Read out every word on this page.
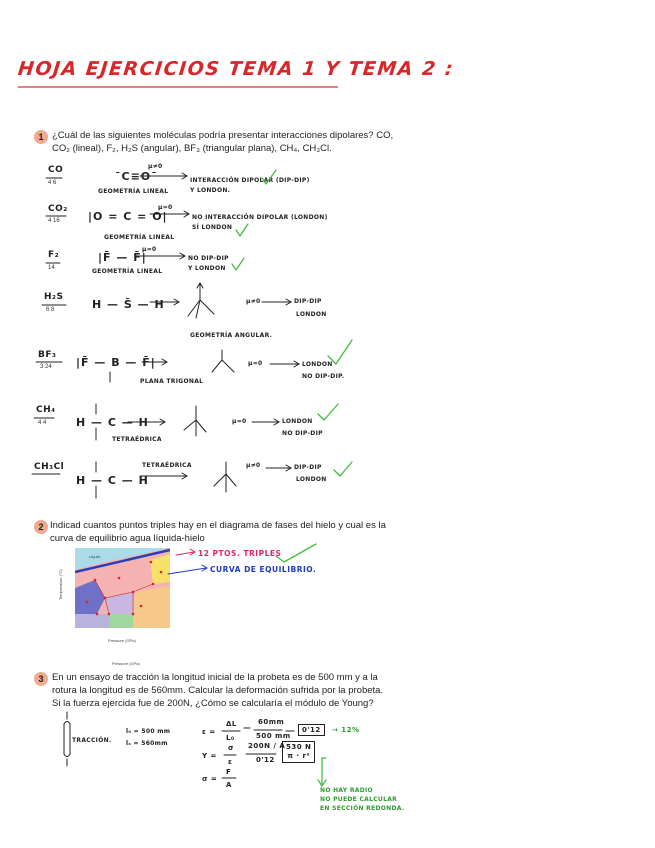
HOJA EJERCICIOS TEMA 1 Y TEMA 2 :
1 ¿Cuál de las siguientes moléculas podría presentar interacciones dipolares? CO,
CO₂ (lineal), F₂, H₂S (angular), BF₃ (triangular plana), CH₄, CH₃Cl.
CO
4 6	¯C≡O¯
GEOMETRÍA LINEAL
µ≠0
INTERACCIÓN DIPOLAR (DIP-DIP)
Y LONDON.
CO₂
4 16	|O = C = O|
GEOMETRÍA LINEAL
µ=0
NO INTERACCIÓN DIPOLAR (LONDON)
SÍ LONDON
F₂
14
|F̄ — F̄|
GEOMETRÍA LINEAL
µ=0
NO DIP-DIP
Y LONDON
H₂S
6 8	H — S̄ — H
GEOMETRÍA ANGULAR.
µ≠0	DIP-DIP
LONDON
BF₃
3 24 |F̄ — B — F̄|
PLANA TRIGONAL
µ=0	LONDON
NO DIP-DIP.
CH₄
4 4	H — C — H
TETRAÉDRICA
µ=0	LONDON
NO DIP-DIP
CH₃Cl
H — C — H
TETRAÉDRICA	µ≠0	DIP-DIP
LONDON
2 Indicad cuantos puntos triples hay en el diagrama de fases del hielo y cual es la
curva de equilibrio agua líquida-hielo
12 PTOS. TRIPLES
CURVA DE EQUILIBRIO.
Liquid
Temperature (°C)
Pressure (GPa)
Pressure (GPa)
3 En un ensayo de tracción la longitud inicial de la probeta es de 500 mm y a la
rotura la longitud es de 560mm. Calcular la deformación sufrida por la probeta.
Si la fuerza ejercida fue de 200N, ¿Cómo se calcularía el módulo de Young?
TRACCIÓN.
l₀ = 500 mm
lₓ = 560mm
ε =
ΔL
L₀
60mm
500 mm
0'12	→ 12%
Y =
σ
ε
200N / A
0'12
530 N
π · r²
σ =
F
A
NO HAY RADIO
NO PUEDE CALCULAR
EN SECCIÓN REDONDA.
